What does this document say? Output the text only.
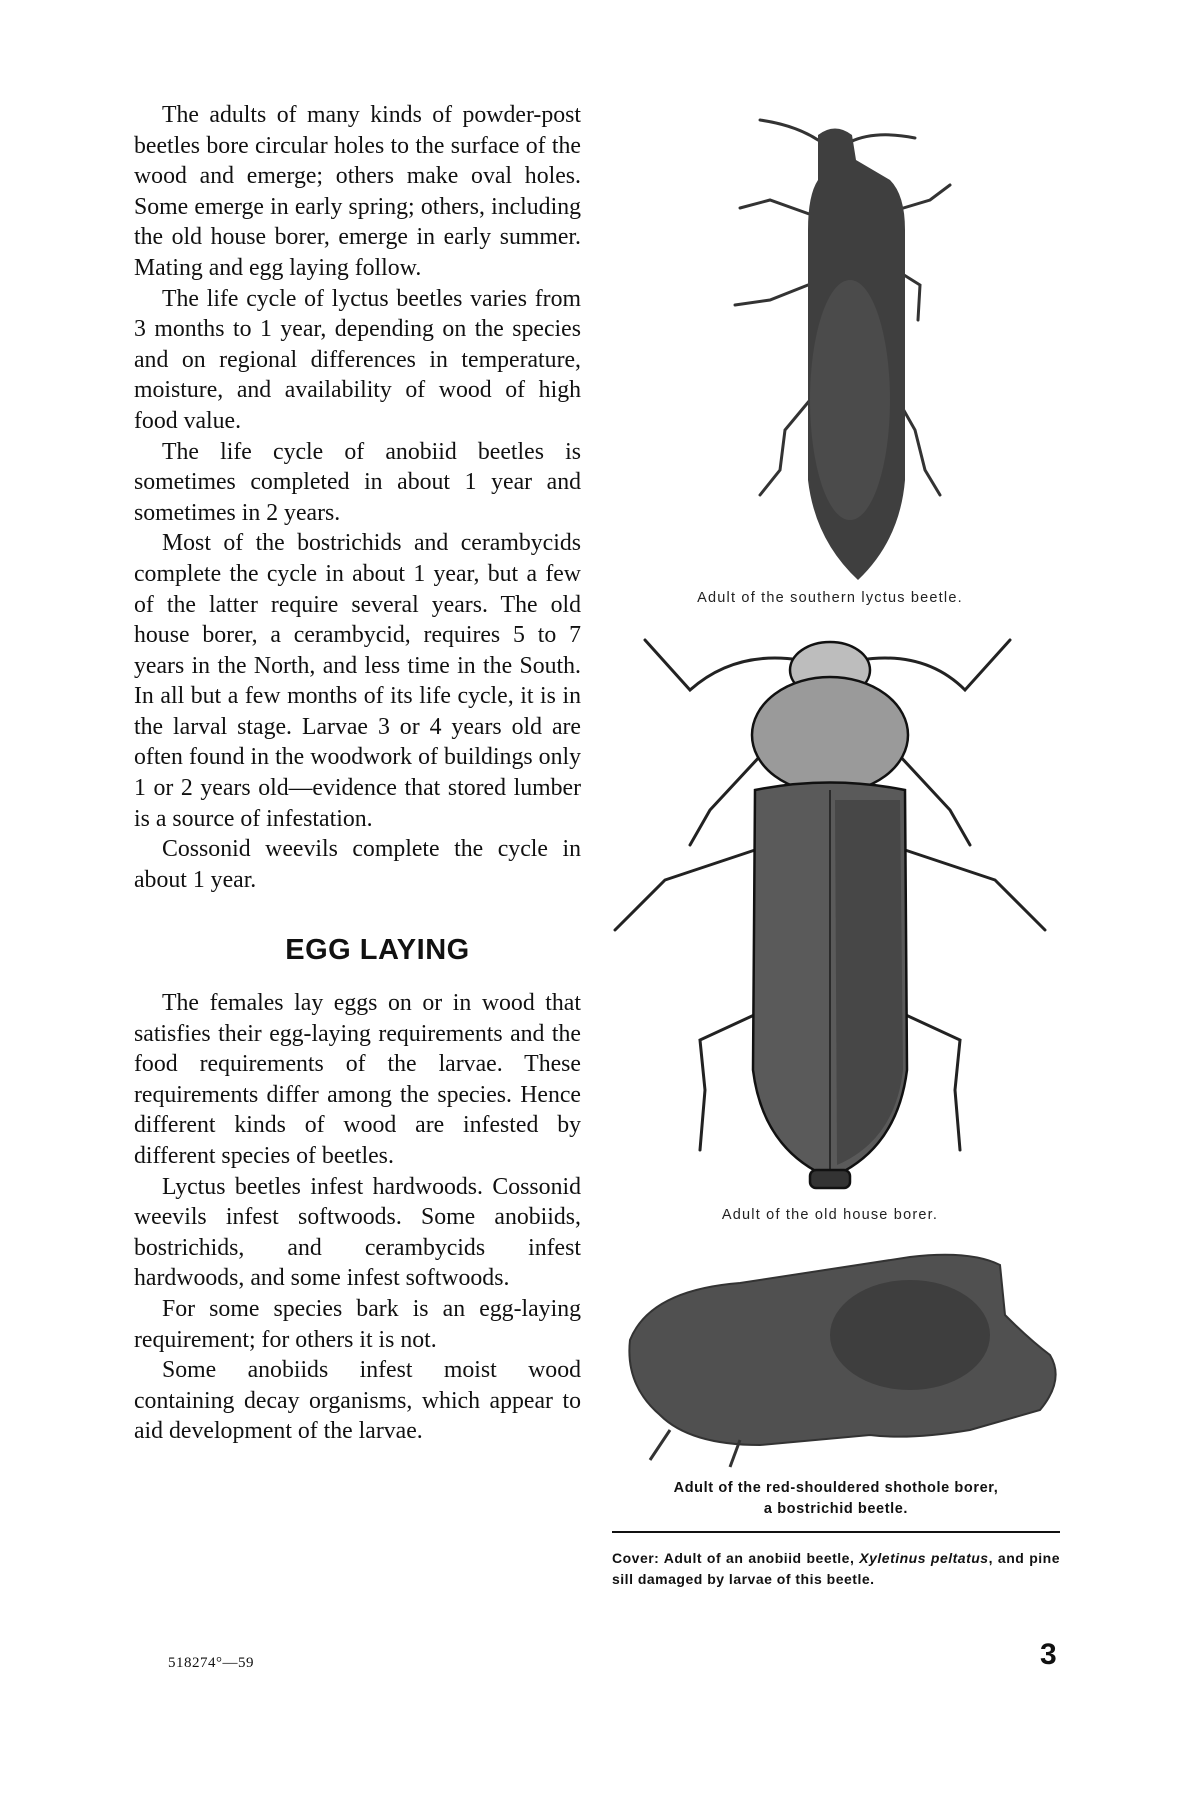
The adults of many kinds of powder-post beetles bore circular holes to the surface of the wood and emerge; others make oval holes. Some emerge in early spring; others, including the old house borer, emerge in early summer. Mating and egg laying follow.

The life cycle of lyctus beetles varies from 3 months to 1 year, depending on the species and on regional differences in temperature, moisture, and availability of wood of high food value.

The life cycle of anobiid beetles is sometimes completed in about 1 year and sometimes in 2 years.

Most of the bostrichids and cerambycids complete the cycle in about 1 year, but a few of the latter require several years. The old house borer, a cerambycid, requires 5 to 7 years in the North, and less time in the South. In all but a few months of its life cycle, it is in the larval stage. Larvae 3 or 4 years old are often found in the woodwork of buildings only 1 or 2 years old—evidence that stored lumber is a source of infestation.

Cossonid weevils complete the cycle in about 1 year.

EGG LAYING

The females lay eggs on or in wood that satisfies their egg-laying requirements and the food requirements of the larvae. These requirements differ among the species. Hence different kinds of wood are infested by different species of beetles.

Lyctus beetles infest hardwoods. Cossonid weevils infest softwoods. Some anobiids, bostrichids, and cerambycids infest hardwoods, and some infest softwoods.

For some species bark is an egg-laying requirement; for others it is not.

Some anobiids infest moist wood containing decay organisms, which appear to aid development of the larvae.

Adult of the southern lyctus beetle.
Adult of the old house borer.
Adult of the red-shouldered shothole borer,
a bostrichid beetle.
Cover: Adult of an anobiid beetle, Xyletinus peltatus, and pine sill damaged by larvae of this beetle.
518274°—59	3
